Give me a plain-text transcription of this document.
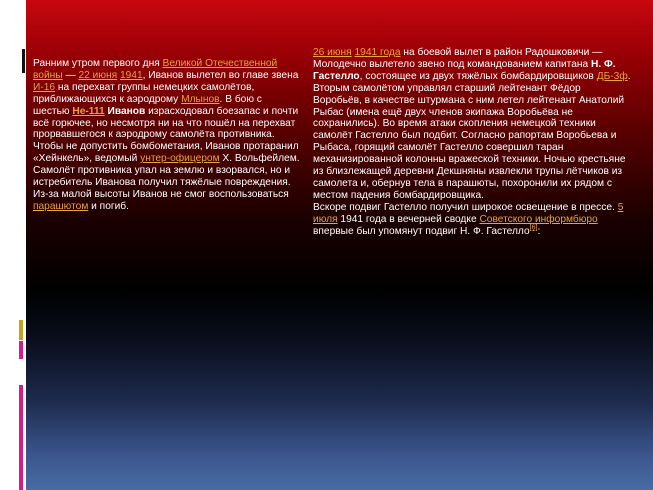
Ранним утром первого дня Великой Отечественной войны — 22 июня 1941, Иванов вылетел во главе звена И-16 на перехват группы немецких самолётов, приближающихся к аэродрому Млынов. В бою с шестью Не-111 Иванов израсходовал боезапас и почти всё горючее, но несмотря ни на что пошёл на перехват прорвавшегося к аэродрому самолёта противника. Чтобы не допустить бомбометания, Иванов протаранил «Хейнкель», ведомый унтер-офицером Х. Вольфейлем. Самолёт противника упал на землю и взорвался, но и истребитель Иванова получил тяжёлые повреждения. Из-за малой высоты Иванов не смог воспользоваться парашютом и погиб.

26 июня 1941 года на боевой вылет в район Радошковичи — Молодечно вылетело звено под командованием капитана Н. Ф. Гастелло, состоящее из двух тяжёлых бомбардировщиков ДБ-3ф. Вторым самолётом управлял старший лейтенант Фёдор Воробьёв, в качестве штурмана с ним летел лейтенант Анатолий Рыбас (имена ещё двух членов экипажа Воробьёва не сохранились). Во время атаки скопления немецкой техники самолёт Гастелло был подбит. Согласно рапортам Воробьева и Рыбаса, горящий самолёт Гастелло совершил таран механизированной колонны вражеской техники. Ночью крестьяне из близлежащей деревни Декшняны извлекли трупы лётчиков из самолета и, обернув тела в парашюты, похоронили их рядом с местом падения бомбардировщика.

Вскоре подвиг Гастелло получил широкое освещение в прессе. 5 июля 1941 года в вечерней сводке Советского информбюро впервые был упомянут подвиг Н. Ф. Гастелло[6]:
